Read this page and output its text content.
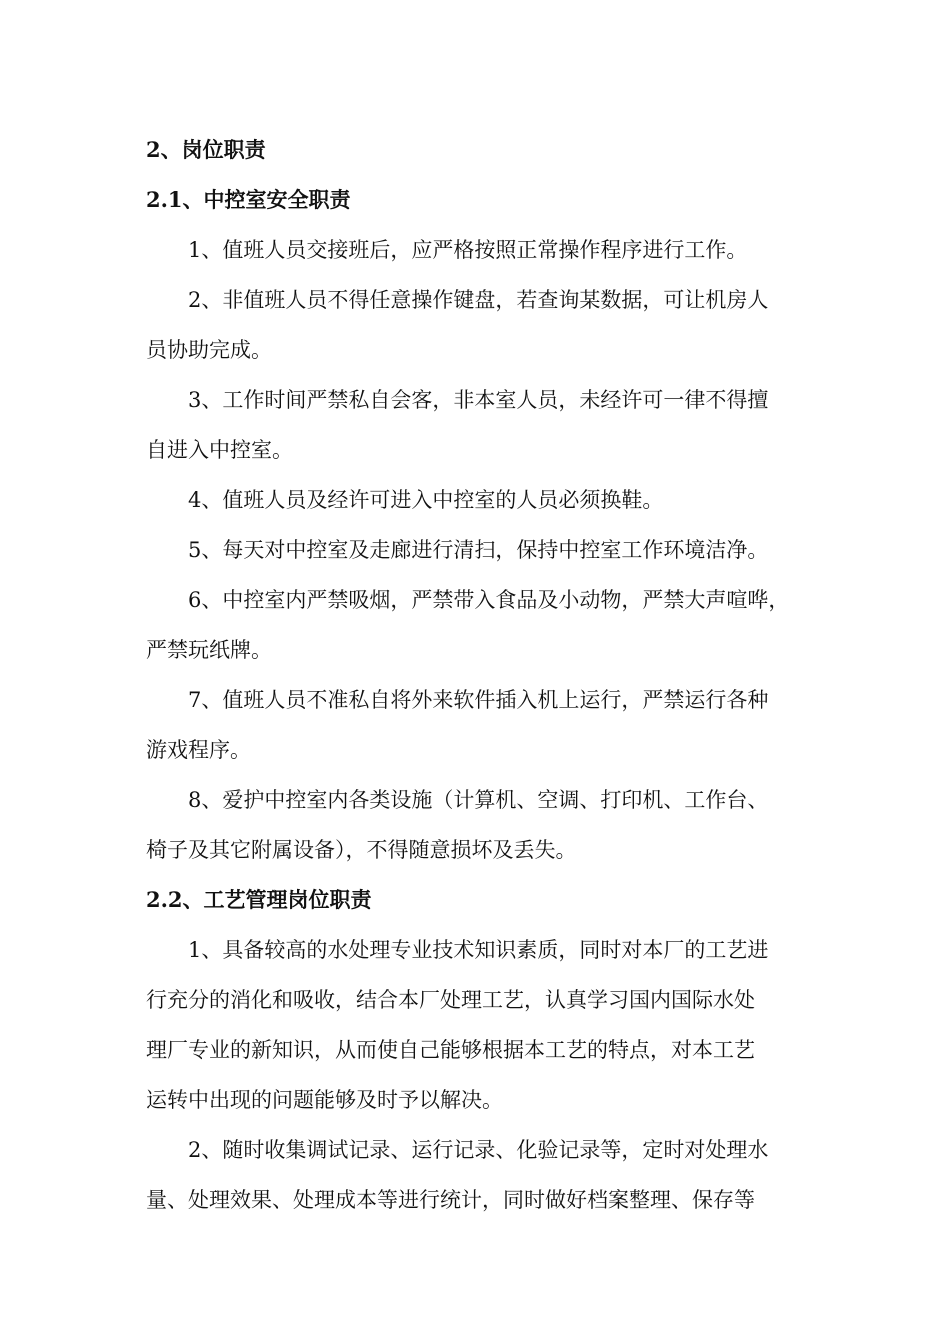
2、岗位职责
2.1、中控室安全职责
1、值班人员交接班后，应严格按照正常操作程序进行工作。
2、非值班人员不得任意操作键盘，若查询某数据，可让机房人
员协助完成。
3、工作时间严禁私自会客，非本室人员，未经许可一律不得擅
自进入中控室。
4、值班人员及经许可进入中控室的人员必须换鞋。
5、每天对中控室及走廊进行清扫，保持中控室工作环境洁净。
6、中控室内严禁吸烟，严禁带入食品及小动物，严禁大声喧哗，
严禁玩纸牌。
7、值班人员不准私自将外来软件插入机上运行，严禁运行各种
游戏程序。
8、爱护中控室内各类设施（计算机、空调、打印机、工作台、
椅子及其它附属设备），不得随意损坏及丢失。
2.2、工艺管理岗位职责
1、具备较高的水处理专业技术知识素质，同时对本厂的工艺进
行充分的消化和吸收，结合本厂处理工艺，认真学习国内国际水处
理厂专业的新知识，从而使自己能够根据本工艺的特点，对本工艺
运转中出现的问题能够及时予以解决。
2、随时收集调试记录、运行记录、化验记录等，定时对处理水
量、处理效果、处理成本等进行统计，同时做好档案整理、保存等
